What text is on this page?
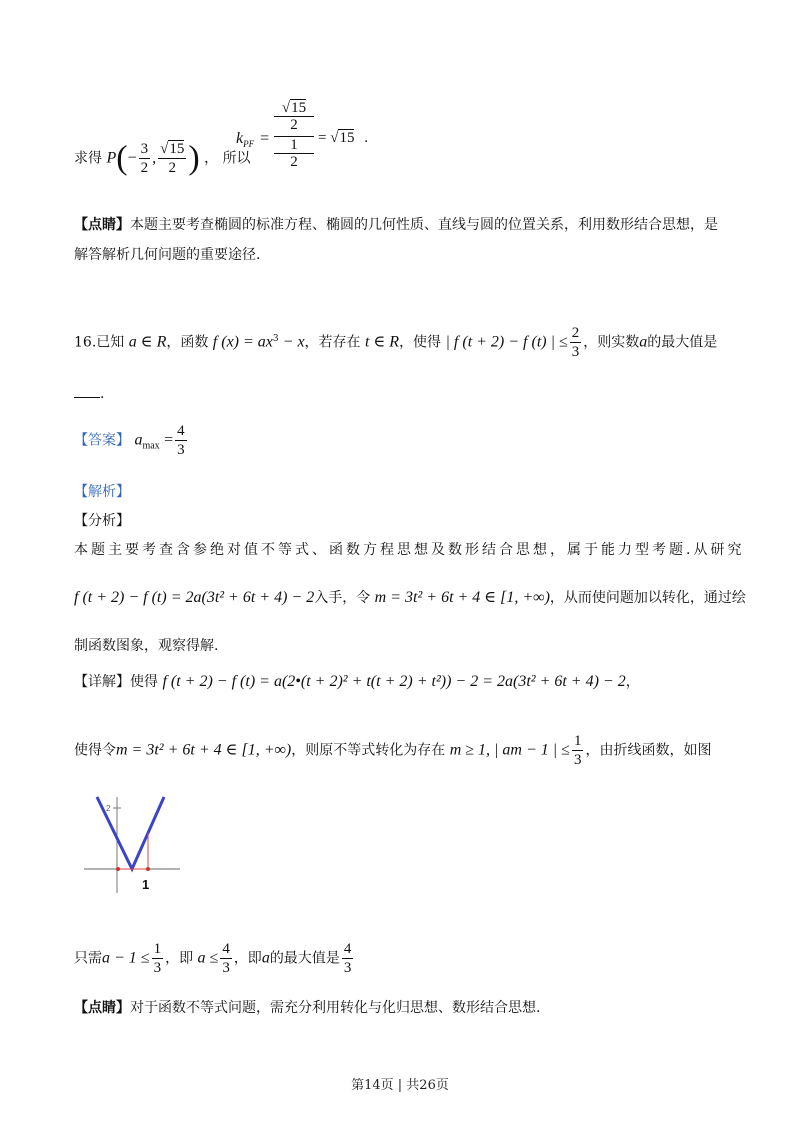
求得 $P(- \frac{3}{2}$ , $\frac{√15}{2}$ ) ， 所以
$k_{PF}$ =
√15
2
1
2
= √15 .
【点睛】本题主要考查椭圆的标准方程、椭圆的几何性质、直线与圆的位置关系，利用数形结合思想，是
解答解析几何问题的重要途径.
16.已知 a ∈ R，函数 f $(x) = ax^3 - x$，若存在 t ∈ R，使得 | f (t + 2) − f (t) | ≤ $\frac{2}{3}$ ，则实数a的最大值是
.
【答案】 $a_{max} = \frac{4}{3}$
【解析】
【分析】
本题主要考查含参绝对值不等式、函数方程思想及数形结合思想，属于能力型考题.从研究
f (t + 2) − f (t) = 2a(3t² + 6t + 4) − 2入手，令 m = 3t² + 6t + 4 ∈ [1, +∞)，从而使问题加以转化，通过绘
制函数图象，观察得解.
【详解】使得 f (t + 2) − f (t) = a(2•(t + 2)² + t(t + 2) + t²)) − 2 = 2a(3t² + 6t + 4) − 2，
使得令m = 3t² + 6t + 4 ∈ [1, +∞)，则原不等式转化为存在 m ≥ 1, | am − 1 | ≤ $\frac{1}{3}$ ，由折线函数，如图
2
1
只需$a - 1 \le \frac{1}{3}$ ，即 $a \le \frac{4}{3}$ ，即a的最大值是 $\frac{4}{3}$
【点睛】对于函数不等式问题，需充分利用转化与化归思想、数形结合思想.
第14页 | 共26页
